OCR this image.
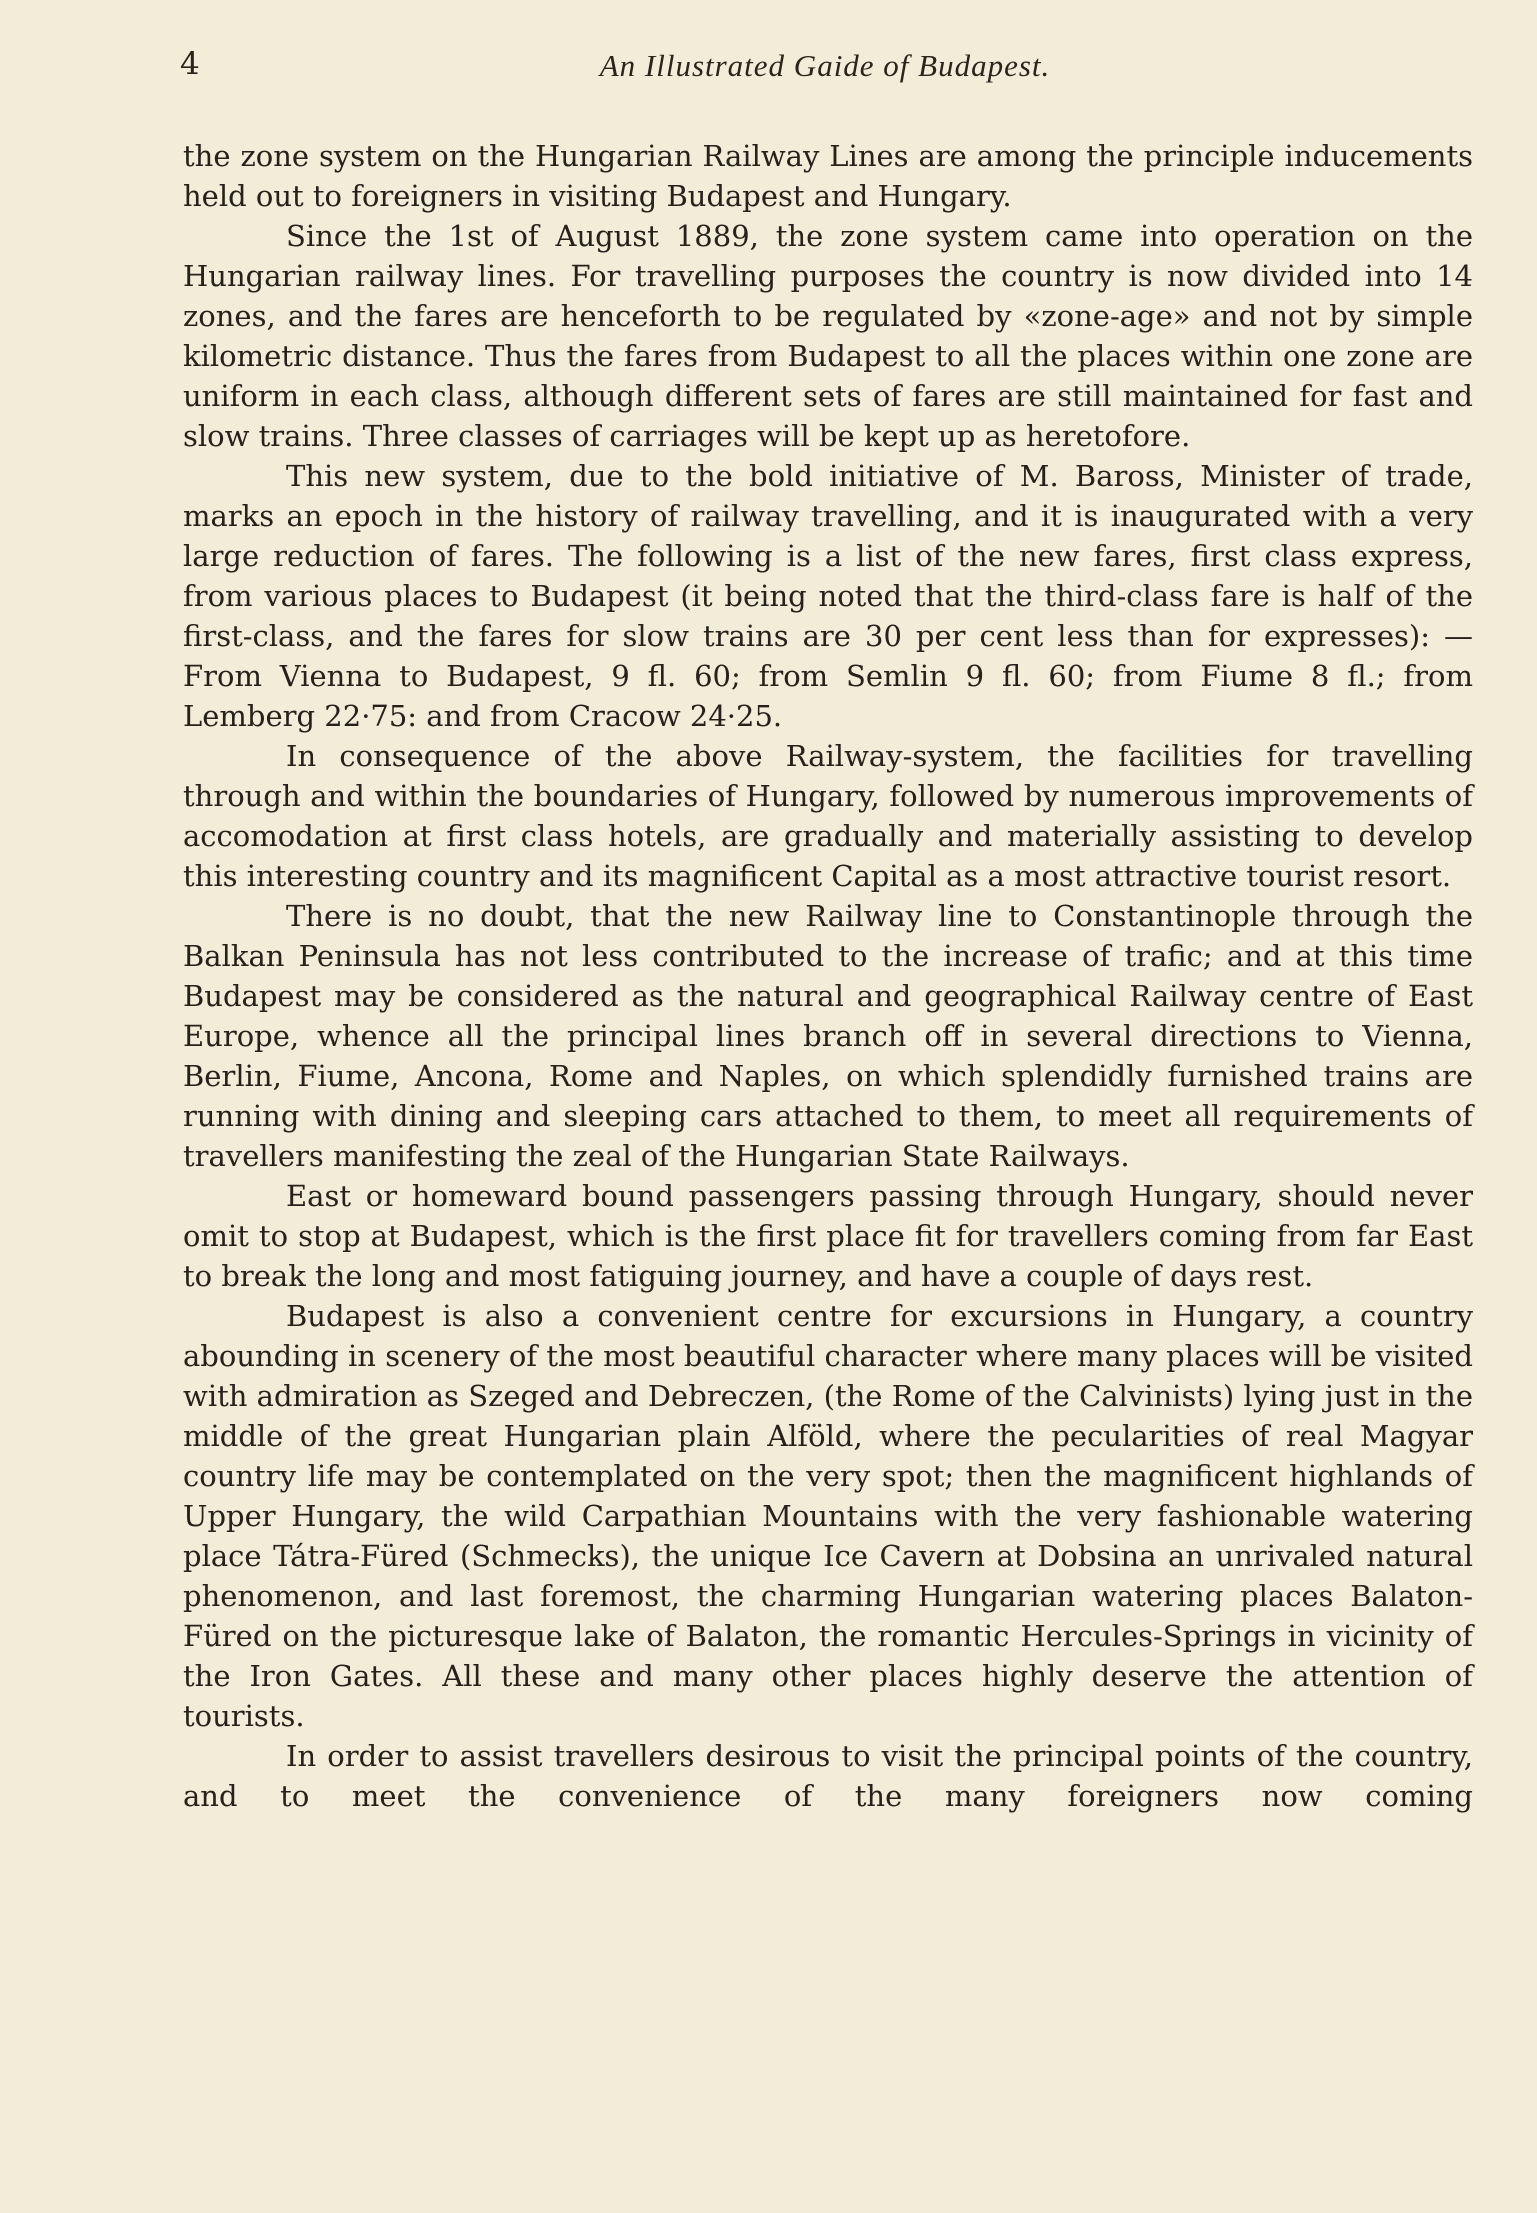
4	An Illustrated Gaide of Budapest.

the zone system on the Hungarian Railway Lines are among the principle inducements held out to foreigners in visiting Budapest and Hungary.

Since the 1st of August 1889, the zone system came into operation on the Hungarian railway lines. For travelling purposes the country is now divided into 14 zones, and the fares are henceforth to be regulated by «zone-age» and not by simple kilometric distance. Thus the fares from Budapest to all the places within one zone are uniform in each class, although different sets of fares are still maintained for fast and slow trains. Three classes of carriages will be kept up as heretofore.

This new system, due to the bold initiative of M. Baross, Minister of trade, marks an epoch in the history of railway travelling, and it is inaugurated with a very large reduction of fares. The following is a list of the new fares, first class express, from various places to Budapest (it being noted that the third-class fare is half of the first-class, and the fares for slow trains are 30 per cent less than for expresses): — From Vienna to Budapest, 9 fl. 60; from Semlin 9 fl. 60; from Fiume 8 fl.; from Lemberg 22·75: and from Cracow 24·25.

In consequence of the above Railway-system, the facilities for travelling through and within the boundaries of Hungary, followed by numerous improvements of accomodation at first class hotels, are gradually and materially assisting to develop this interesting country and its magnificent Capital as a most attractive tourist resort.

There is no doubt, that the new Railway line to Constantinople through the Balkan Peninsula has not less contributed to the increase of trafic; and at this time Budapest may be considered as the natural and geographical Railway centre of East Europe, whence all the principal lines branch off in several directions to Vienna, Berlin, Fiume, Ancona, Rome and Naples, on which splendidly furnished trains are running with dining and sleeping cars attached to them, to meet all requirements of travellers manifesting the zeal of the Hungarian State Railways.

East or homeward bound passengers passing through Hungary, should never omit to stop at Budapest, which is the first place fit for travellers coming from far East to break the long and most fatiguing journey, and have a couple of days rest.

Budapest is also a convenient centre for excursions in Hungary, a country abounding in scenery of the most beautiful character where many places will be visited with admiration as Szeged and Debreczen, (the Rome of the Calvinists) lying just in the middle of the great Hungarian plain Alföld, where the pecularities of real Magyar country life may be contemplated on the very spot; then the magnificent highlands of Upper Hungary, the wild Carpathian Mountains with the very fashionable watering place Tátra-Füred (Schmecks), the unique Ice Cavern at Dobsina an unrivaled natural phenomenon, and last foremost, the charming Hungarian watering places Balaton-Füred on the picturesque lake of Balaton, the romantic Hercules-Springs in vicinity of the Iron Gates. All these and many other places highly deserve the attention of tourists.

In order to assist travellers desirous to visit the principal points of the country, and to meet the convenience of the many foreigners now coming
